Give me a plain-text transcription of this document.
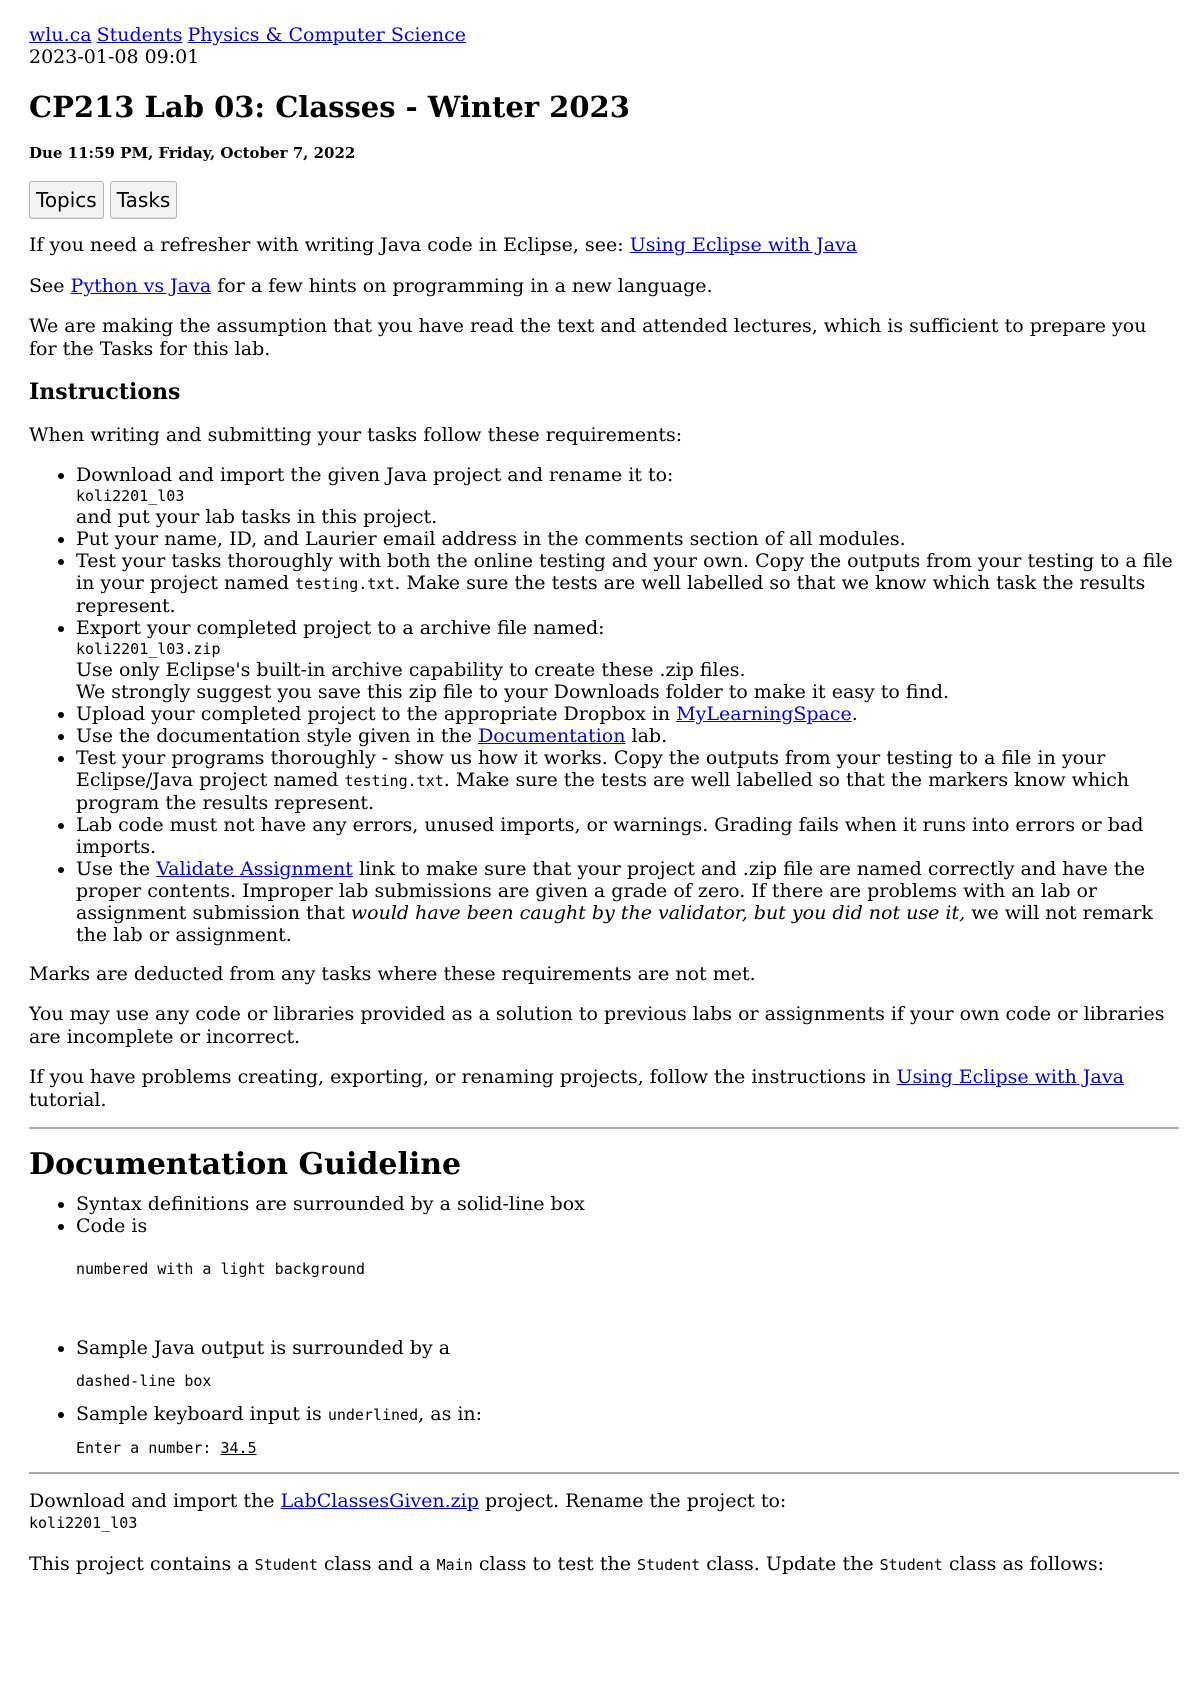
wlu.ca Students Physics & Computer Science
2023-01-08 09:01
CP213 Lab 03: Classes - Winter 2023
Due 11:59 PM, Friday, October 7, 2022
Topics Tasks

If you need a refresher with writing Java code in Eclipse, see: Using Eclipse with Java

See Python vs Java for a few hints on programming in a new language.

We are making the assumption that you have read the text and attended lectures, which is sufficient to prepare you for the Tasks for this lab.

Instructions

When writing and submitting your tasks follow these requirements:

• Download and import the given Java project and rename it to:
koli2201_l03
and put your lab tasks in this project.
• Put your name, ID, and Laurier email address in the comments section of all modules.
• Test your tasks thoroughly with both the online testing and your own. Copy the outputs from your testing to a file in your project named testing.txt. Make sure the tests are well labelled so that we know which task the results represent.
• Export your completed project to a archive file named:
koli2201_l03.zip
Use only Eclipse's built-in archive capability to create these .zip files.
We strongly suggest you save this zip file to your Downloads folder to make it easy to find.
• Upload your completed project to the appropriate Dropbox in MyLearningSpace.
• Use the documentation style given in the Documentation lab.
• Test your programs thoroughly - show us how it works. Copy the outputs from your testing to a file in your Eclipse/Java project named testing.txt. Make sure the tests are well labelled so that the markers know which program the results represent.
• Lab code must not have any errors, unused imports, or warnings. Grading fails when it runs into errors or bad imports.
• Use the Validate Assignment link to make sure that your project and .zip file are named correctly and have the proper contents. Improper lab submissions are given a grade of zero. If there are problems with an lab or assignment submission that would have been caught by the validator, but you did not use it, we will not remark the lab or assignment.

Marks are deducted from any tasks where these requirements are not met.

You may use any code or libraries provided as a solution to previous labs or assignments if your own code or libraries are incomplete or incorrect.

If you have problems creating, exporting, or renaming projects, follow the instructions in Using Eclipse with Java tutorial.

Documentation Guideline
• Syntax definitions are surrounded by a solid-line box
• Code is
numbered with a light background
• Sample Java output is surrounded by a
dashed-line box
• Sample keyboard input is underlined, as in:
Enter a number: 34.5

Download and import the LabClassesGiven.zip project. Rename the project to:

koli2201_l03

This project contains a Student class and a Main class to test the Student class. Update the Student class as follows:
